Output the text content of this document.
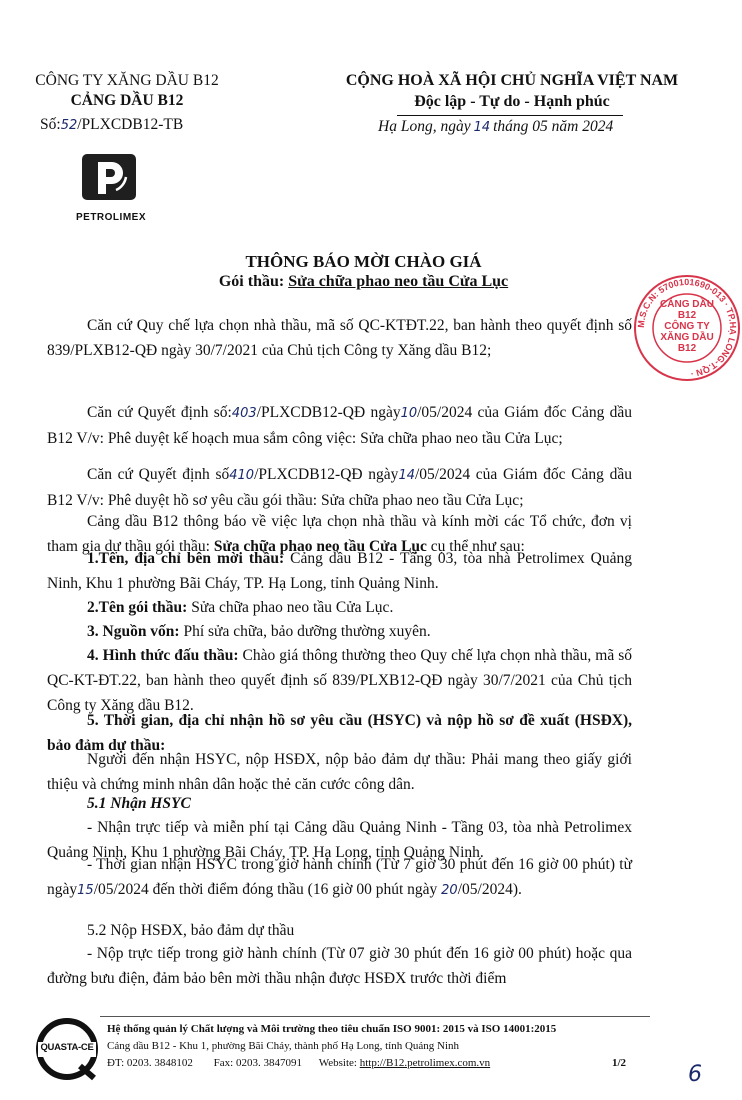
CÔNG TY XĂNG DẦU B12
CẢNG DẦU B12
Số:52/PLXCDB12-TB
PETROLIMEX
CỘNG HOÀ XÃ HỘI CHỦ NGHĨA VIỆT NAM
Độc lập - Tự do - Hạnh phúc
Hạ Long, ngày 14 tháng 05 năm 2024
M.S.C.N: 5700101690-013 · TP.HẠ LONG-T.QN ·
CẢNG DẦU
B12
CÔNG TY
XĂNG DẦU
B12
THÔNG BÁO MỜI CHÀO GIÁ
Gói thầu: Sửa chữa phao neo tầu Cửa Lục
Căn cứ Quy chế lựa chọn nhà thầu, mã số QC-KTĐT.22, ban hành theo quyết định số 839/PLXB12-QĐ ngày 30/7/2021 của Chủ tịch Công ty Xăng dầu B12;
Căn cứ Quyết định số:403/PLXCDB12-QĐ ngày10/05/2024 của Giám đốc Cảng dầu B12 V/v: Phê duyệt kế hoạch mua sắm công việc: Sửa chữa phao neo tầu Cửa Lục;
Căn cứ Quyết định số410/PLXCDB12-QĐ ngày14/05/2024 của Giám đốc Cảng dầu B12 V/v: Phê duyệt hồ sơ yêu cầu gói thầu: Sửa chữa phao neo tầu Cửa Lục;
Cảng dầu B12 thông báo về việc lựa chọn nhà thầu và kính mời các Tổ chức, đơn vị tham gia dự thầu gói thầu: Sửa chữa phao neo tầu Cửa Lục cụ thể như sau:
1.Tên, địa chỉ bên mời thầu: Cảng dầu B12 - Tầng 03, tòa nhà Petrolimex Quảng Ninh, Khu 1 phường Bãi Cháy, TP. Hạ Long, tỉnh Quảng Ninh.
2.Tên gói thầu: Sửa chữa phao neo tầu Cửa Lục.
3. Nguồn vốn: Phí sửa chữa, bảo dưỡng thường xuyên.
4. Hình thức đấu thầu: Chào giá thông thường theo Quy chế lựa chọn nhà thầu, mã số QC-KT-ĐT.22, ban hành theo quyết định số 839/PLXB12-QĐ ngày 30/7/2021 của Chủ tịch Công ty Xăng dầu B12.
5. Thời gian, địa chỉ nhận hồ sơ yêu cầu (HSYC) và nộp hồ sơ đề xuất (HSĐX), bảo đảm dự thầu:
Người đến nhận HSYC, nộp HSĐX, nộp bảo đảm dự thầu: Phải mang theo giấy giới thiệu và chứng minh nhân dân hoặc thẻ căn cước công dân.
5.1 Nhận HSYC
- Nhận trực tiếp và miễn phí tại Cảng dầu Quảng Ninh - Tầng 03, tòa nhà Petrolimex Quảng Ninh, Khu 1 phường Bãi Cháy, TP. Hạ Long, tỉnh Quảng Ninh.
- Thời gian nhận HSYC trong giờ hành chính (Từ 7 giờ 30 phút đến 16 giờ 00 phút) từ ngày15/05/2024 đến thời điểm đóng thầu (16 giờ 00 phút ngày 20/05/2024).
5.2 Nộp HSĐX, bảo đảm dự thầu
- Nộp trực tiếp trong giờ hành chính (Từ 07 giờ 30 phút đến 16 giờ 00 phút) hoặc qua đường bưu điện, đảm bảo bên mời thầu nhận được HSĐX trước thời điểm
QUASTA-CE
Hệ thống quản lý Chất lượng và Môi trường theo tiêu chuẩn ISO 9001: 2015 và ISO 14001:2015
Cảng dầu B12 - Khu 1, phường Bãi Cháy, thành phố Hạ Long, tỉnh Quảng Ninh
ĐT: 0203. 3848102 Fax: 0203. 3847091 Website: http://B12.petrolimex.com.vn	1/2	6
